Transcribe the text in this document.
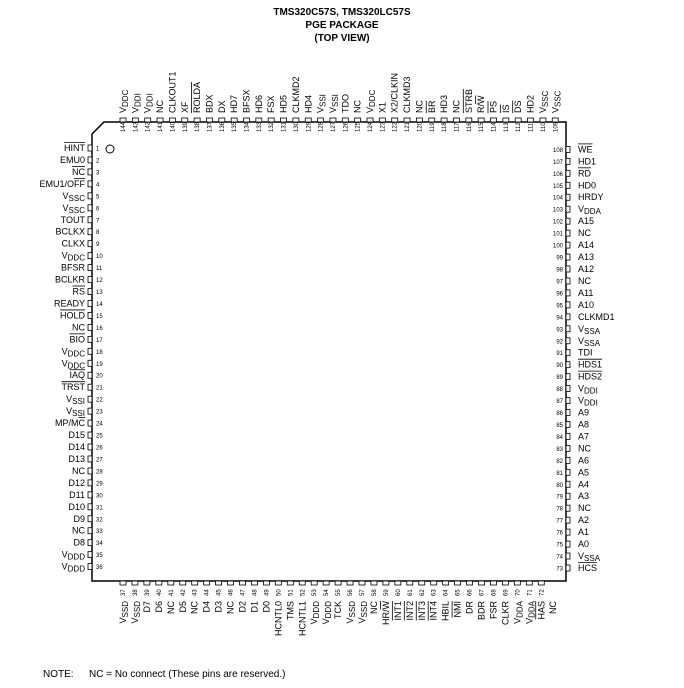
TMS320C57S, TMS320LC57S
PGE PACKAGE
(TOP VIEW)
1
HINT
2
EMU0
3
NC
4
EMU1/OFF
5
VSSC
6
VSSC
7
TOUT
8
BCLKX
9
CLKX
10
VDDC
11
BFSR
12
BCLKR
13
RS
14
READY
15
HOLD
16
NC
17
BIO
18
VDDC
19
VDDC
20
IAQ
21
TRST
22
VSSI
23
VSSI
24
MP/MC
25
D15
26
D14
27
D13
28
NC
29
D12
30
D11
31
D10
32
D9
33
NC
34
D8
35
VDDD
36
VDDD	73 HCS
74 VSSA
75 A0
76 A1
77 A2
78 NC
79 A3
80 A4
81 A5
82 A6
83 NC
84 A7
85 A8
86 A9
87 VDDI
88 VDDI
89 HDS2
90 HDS1
91 TDI
92 VSSA
93 VSSA
94 CLKMD1
95 A10
96 A11
97 NC
98 A12
99 A13
100 A14
101 NC
102 A15
103 VDDA
104 HRDY
105 HD0
106 RD
107 HD1
108 WE
144
VDDC
143
VDDI
142
VDDI
141
NC
140
CLKOUT1
139
XF
138
ROLDA
137
BDX
136
DX
135
HD7
134
BFSX
133
HD6
132
FSX
131
HD5
130
CLKMD2
129
HD4
128
VSSI
127
VSSI
126
TDO
125
NC
124
VDDC
123
X1
122
X2/CLKIN
121
CLKMD3
120
NC
119
BR
118
HD3
117
NC
116
STRB
115
R/W
114
PS
113
IS
112
DS
111
HD2
110
VSSC
109
VSSC
37
VSSD
38
VSSD
39
D7
40
D6
41
NC
42
D5
43
NC
44
D4
45
D3
46
NC
47
D2
48
D1
49
D0
50
HCNTL0
51
TMS
52
HCNTL1
53
VDDD
54
VDDD
55
TCK
56
VSSD
57
VSSD
58
NC
59
HR/W
60
INT1
61
INT2
62
INT3
63
INT4
64
HBIL
65
NMI
66
DR
67
BDR
68
FSR
69
CLKR
70
VDDA
71
VDDA
72
HAS NC
NOTE: NC = No connect (These pins are reserved.)
